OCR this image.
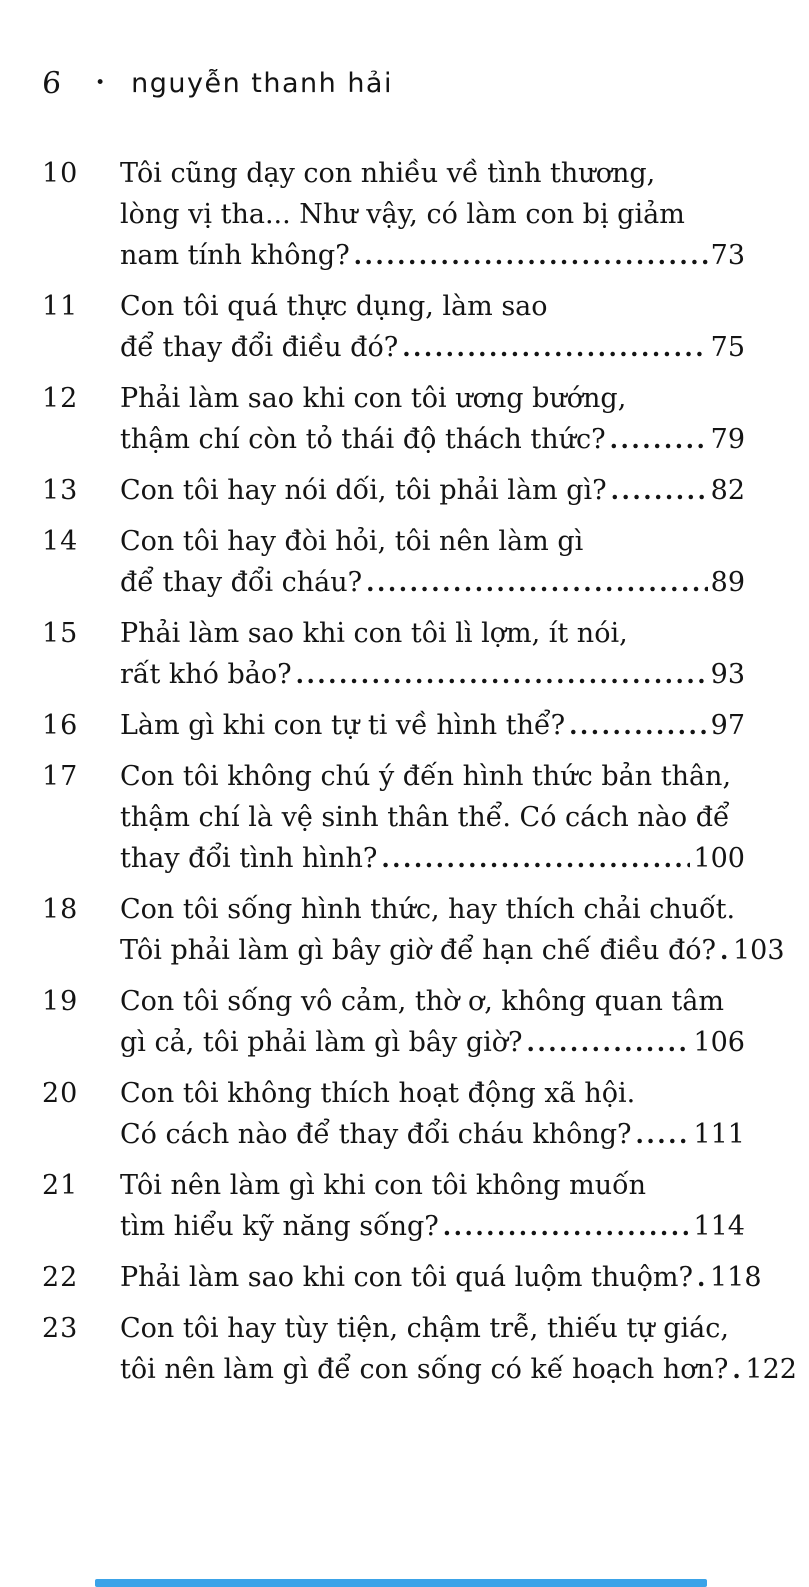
6 • nguyễn thanh hải
10	Tôi cũng dạy con nhiều về tình thương,
lòng vị tha... Như vậy, có làm con bị giảm
nam tính không? .....	73
11	Con tôi quá thực dụng, làm sao
để thay đổi điều đó? .....	75
12	Phải làm sao khi con tôi ương bướng,
thậm chí còn tỏ thái độ thách thức? .....	79
13	Con tôi hay nói dối, tôi phải làm gì? .....	82
14	Con tôi hay đòi hỏi, tôi nên làm gì
để thay đổi cháu? .....	89
15	Phải làm sao khi con tôi lì lợm, ít nói,
rất khó bảo? .....	93
16	Làm gì khi con tự ti về hình thể? .....	97
17	Con tôi không chú ý đến hình thức bản thân,
thậm chí là vệ sinh thân thể. Có cách nào để
thay đổi tình hình? .....	100
18	Con tôi sống hình thức, hay thích chải chuốt.
Tôi phải làm gì bây giờ để hạn chế điều đó? ..... 103
19	Con tôi sống vô cảm, thờ ơ, không quan tâm
gì cả, tôi phải làm gì bây giờ? .....	106
20	Con tôi không thích hoạt động xã hội.
Có cách nào để thay đổi cháu không? ..... 111
21	Tôi nên làm gì khi con tôi không muốn
tìm hiểu kỹ năng sống? .....	114
22	Phải làm sao khi con tôi quá luộm thuộm? ..... 118
23	Con tôi hay tùy tiện, chậm trễ, thiếu tự giác,
tôi nên làm gì để con sống có kế hoạch hơn? ..... 122
